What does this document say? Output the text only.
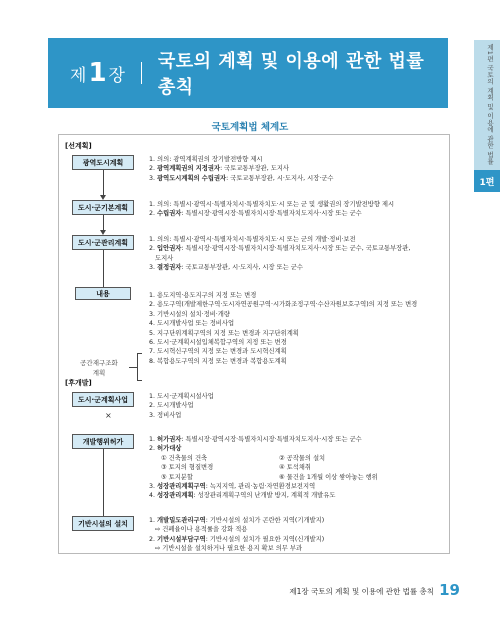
제 1 장
국토의 계획 및 이용에 관한 법률 총칙	제1편 국토의 계획 및 이용에 관한 법률
1편
국토계획법 체계도
[선계획]
광역도시계획	1. 의의: 광역계획권의 장기발전방향 제시
2. 광역계획권의 지정권자: 국토교통부장관, 도지사
3. 광역도시계획의 수립권자: 국토교통부장관, 시·도지사, 시장·군수
도시·군기본계획	1. 의의: 특별시·광역시·특별자치시·특별자치도·시 또는 군 및 생활권의 장기발전방향 제시
2. 수립권자: 특별시장·광역시장·특별자치시장·특별자치도지사·시장 또는 군수
도시·군관리계획	1. 의의: 특별시·광역시·특별자치시·특별자치도·시 또는 군의 개발·정비·보전
2. 입안권자: 특별시장·광역시장·특별자치시장·특별자치도지사·시장 또는 군수, 국토교통부장관,
도지사
3. 결정권자: 국토교통부장관, 시·도지사, 시장 또는 군수
내용	1. 용도지역·용도지구의 지정 또는 변경
2. 용도구역(개발제한구역·도시자연공원구역·시가화조정구역·수산자원보호구역)의 지정 또는 변경
3. 기반시설의 설치·정비·개량
4. 도시개발사업 또는 정비사업
5. 지구단위계획구역의 지정 또는 변경과 지구단위계획
6. 도시·군계획시설입체복합구역의 지정 또는 변경
7. 도시혁신구역의 지정 또는 변경과 도시혁신계획
8. 복합용도구역의 지정 또는 변경과 복합용도계획
공간재구조화
계획
[후개발]
도시·군계획사업	1. 도시·군계획시설사업
2. 도시개발사업
3. 정비사업
×
개발행위허가	1. 허가권자: 특별시장·광역시장·특별자치시장·특별자치도지사·시장 또는 군수
2. 허가대상
① 건축물의 건축	② 공작물의 설치
③ 토지의 형질변경	④ 토석채취
⑤ 토지분할	⑥ 물건을 1개월 이상 쌓아놓는 행위
3. 성장관리계획구역: 녹지지역, 관리·농림·자연환경보전지역
4. 성장관리계획: 성장관리계획구역의 난개발 방지, 계획적 개발유도
기반시설의 설치	1. 개발밀도관리구역: 기반시설의 설치가 곤란한 지역(기개발지)
⇨ 건폐율이나 용적률을 강화 적용
2. 기반시설부담구역: 기반시설의 설치가 필요한 지역(신개발지)
⇨ 기반시설을 설치하거나 필요한 용지 확보 의무 부과
제1장 국토의 계획 및 이용에 관한 법률 총칙 19
